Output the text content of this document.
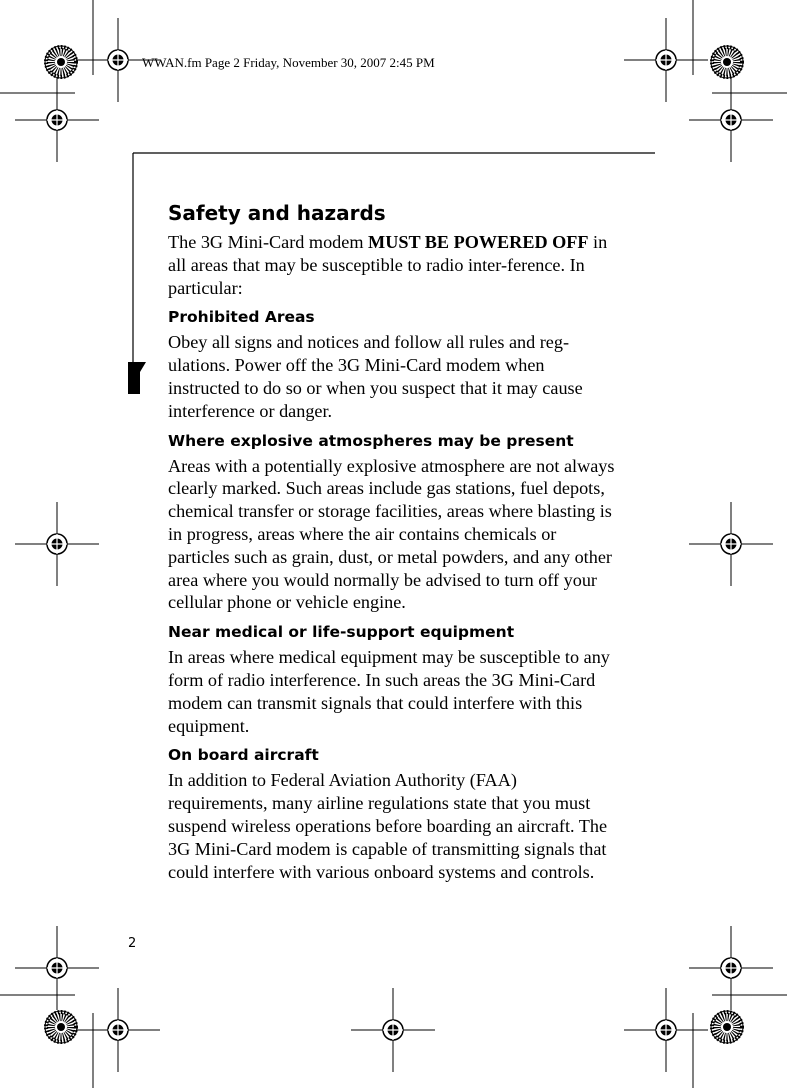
WWAN.fm Page 2 Friday, November 30, 2007 2:45 PM
Safety and hazards

The 3G Mini-Card modem MUST BE POWERED OFF in all areas that may be susceptible to radio inter-ference. In particular:

Prohibited Areas

Obey all signs and notices and follow all rules and reg-ulations. Power off the 3G Mini-Card modem when instructed to do so or when you suspect that it may cause interference or danger.

Where explosive atmospheres may be present

Areas with a potentially explosive atmosphere are not always clearly marked. Such areas include gas stations, fuel depots, chemical transfer or storage facilities, areas where blasting is in progress, areas where the air contains chemicals or particles such as grain, dust, or metal powders, and any other area where you would normally be advised to turn off your cellular phone or vehicle engine.

Near medical or life-support equipment

In areas where medical equipment may be susceptible to any form of radio interference. In such areas the 3G Mini-Card modem can transmit signals that could interfere with this equipment.

On board aircraft

In addition to Federal Aviation Authority (FAA) requirements, many airline regulations state that you must suspend wireless operations before boarding an aircraft. The 3G Mini-Card modem is capable of transmitting signals that could interfere with various onboard systems and controls.

2
